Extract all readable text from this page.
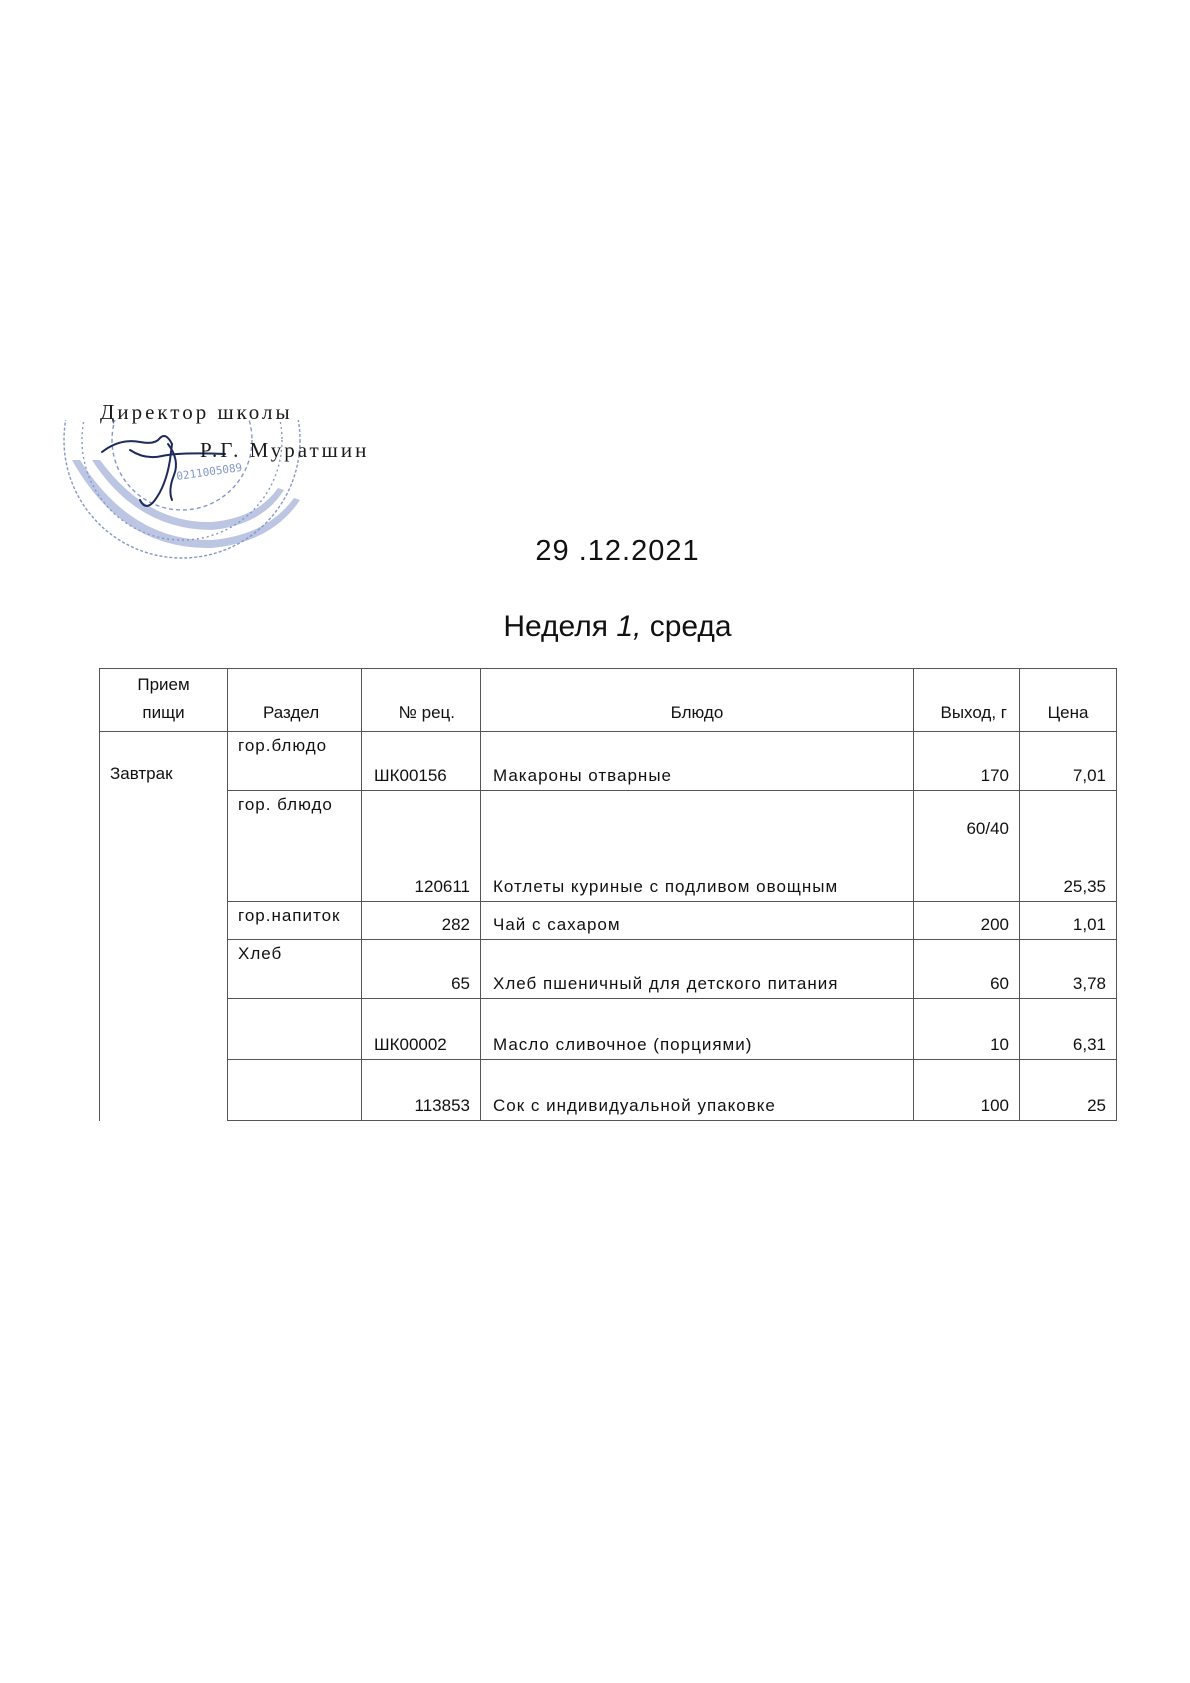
0211005089
Директор школы
Р.Г. Муратшин
29 .12.2021
Неделя 1, среда
Прием
пищи	Раздел	№ рец.	Блюдо	Выход, г	Цена
Завтрак	гор.блюдо	ШК00156	Макароны отварные	170	7,01
	гор. блюдо	120611	Котлеты куриные с подливом овощным	60/40	25,35
	гор.напиток	282	Чай с сахаром	200	1,01
	Хлеб	65	Хлеб пшеничный для детского питания	60	3,78
		ШК00002	Масло сливочное (порциями)	10	6,31
		113853	Сок с индивидуальной упаковке	100	25
